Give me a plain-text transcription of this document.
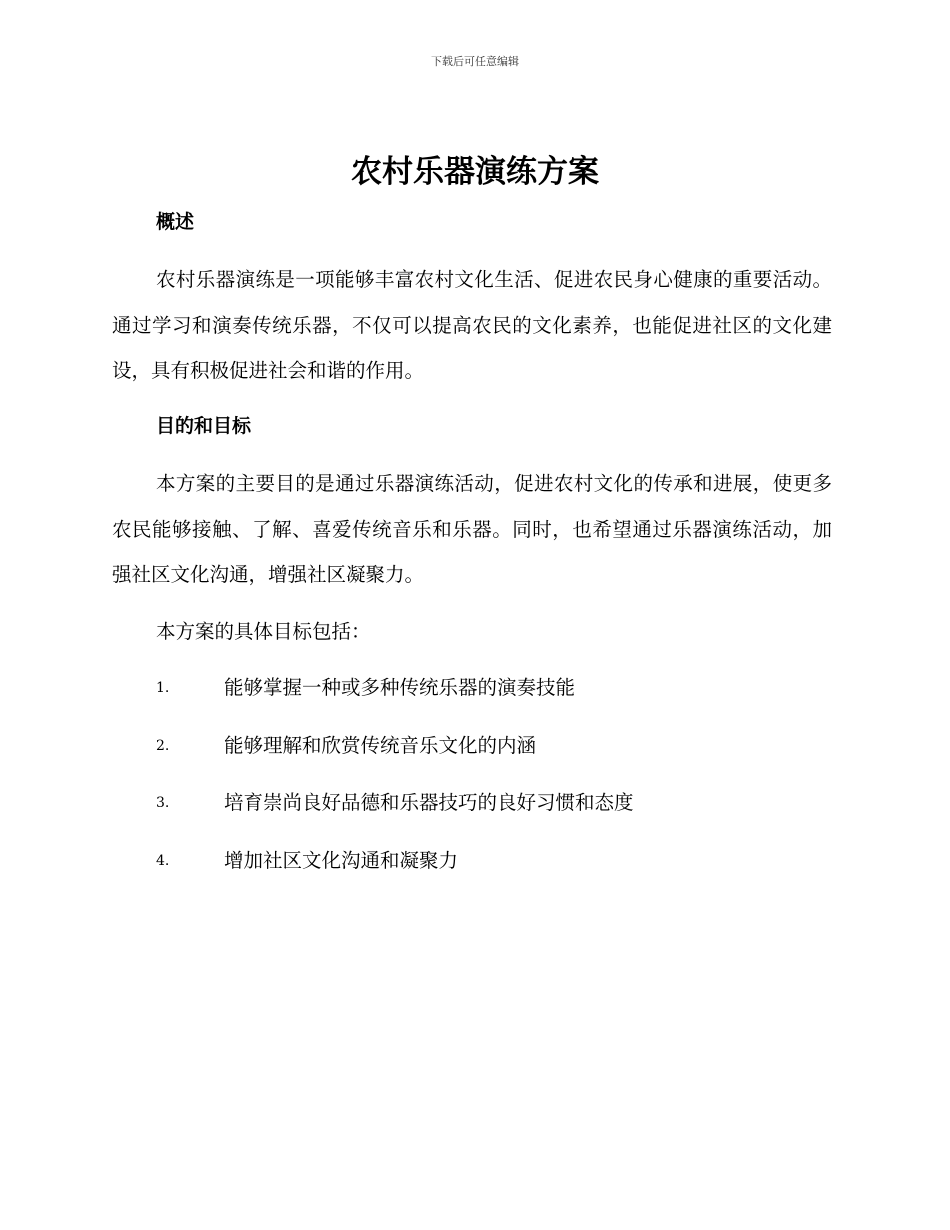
下载后可任意编辑
农村乐器演练方案
概述

农村乐器演练是一项能够丰富农村文化生活、促进农民身心健康的重要活动。通过学习和演奏传统乐器，不仅可以提高农民的文化素养，也能促进社区的文化建设，具有积极促进社会和谐的作用。

目的和目标

本方案的主要目的是通过乐器演练活动，促进农村文化的传承和进展，使更多农民能够接触、了解、喜爱传统音乐和乐器。同时，也希望通过乐器演练活动，加强社区文化沟通，增强社区凝聚力。

本方案的具体目标包括：

1.	能够掌握一种或多种传统乐器的演奏技能
2.	能够理解和欣赏传统音乐文化的内涵
3.	培育崇尚良好品德和乐器技巧的良好习惯和态度
4.	增加社区文化沟通和凝聚力
